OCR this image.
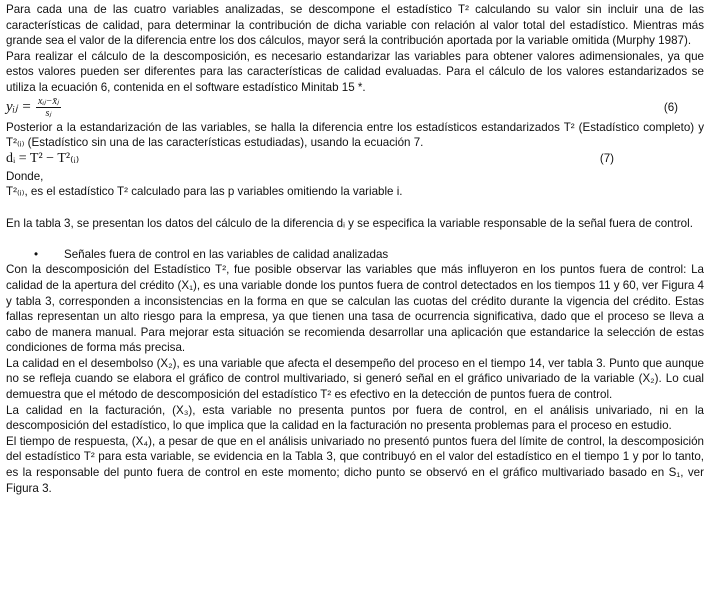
Para cada una de las cuatro variables analizadas, se descompone el estadístico T² calculando su valor sin incluir una de las características de calidad, para determinar la contribución de dicha variable con relación al valor total del estadístico. Mientras más grande sea el valor de la diferencia entre los dos cálculos, mayor será la contribución aportada por la variable omitida (Murphy 1987).

Para realizar el cálculo de la descomposición, es necesario estandarizar las variables para obtener valores adimensionales, ya que estos valores pueden ser diferentes para las características de calidad evaluadas. Para el cálculo de los valores estandarizados se utiliza la ecuación 6, contenida en el software estadístico Minitab 15 *.

yᵢⱼ = xᵢⱼ−x̄ⱼ
sⱼ	(6)

Posterior a la estandarización de las variables, se halla la diferencia entre los estadísticos estandarizados T² (Estadístico completo) y T²₍ᵢ₎ (Estadístico sin una de las características estudiadas), usando la ecuación 7.

dᵢ = T² − T²₍ᵢ₎	(7)

Donde,

T²₍ᵢ₎, es el estadístico T² calculado para las p variables omitiendo la variable i.

En la tabla 3, se presentan los datos del cálculo de la diferencia dᵢ y se especifica la variable responsable de la señal fuera de control.

• Señales fuera de control en las variables de calidad analizadas

Con la descomposición del Estadístico T², fue posible observar las variables que más influyeron en los puntos fuera de control: La calidad de la apertura del crédito (X₁), es una variable donde los puntos fuera de control detectados en los tiempos 11 y 60, ver Figura 4 y tabla 3, corresponden a inconsistencias en la forma en que se calculan las cuotas del crédito durante la vigencia del crédito. Estas fallas representan un alto riesgo para la empresa, ya que tienen una tasa de ocurrencia significativa, dado que el proceso se lleva a cabo de manera manual. Para mejorar esta situación se recomienda desarrollar una aplicación que estandarice la selección de estas condiciones de forma más precisa.

La calidad en el desembolso (X₂), es una variable que afecta el desempeño del proceso en el tiempo 14, ver tabla 3. Punto que aunque no se refleja cuando se elabora el gráfico de control multivariado, si generó señal en el gráfico univariado de la variable (X₂). Lo cual demuestra que el método de descomposición del estadístico T² es efectivo en la detección de puntos fuera de control.

La calidad en la facturación, (X₃), esta variable no presenta puntos por fuera de control, en el análisis univariado, ni en la descomposición del estadístico, lo que implica que la calidad en la facturación no presenta problemas para el proceso en estudio.

El tiempo de respuesta, (X₄), a pesar de que en el análisis univariado no presentó puntos fuera del límite de control, la descomposición del estadístico T² para esta variable, se evidencia en la Tabla 3, que contribuyó en el valor del estadístico en el tiempo 1 y por lo tanto, es la responsable del punto fuera de control en este momento; dicho punto se observó en el gráfico multivariado basado en S₁, ver Figura 3.
